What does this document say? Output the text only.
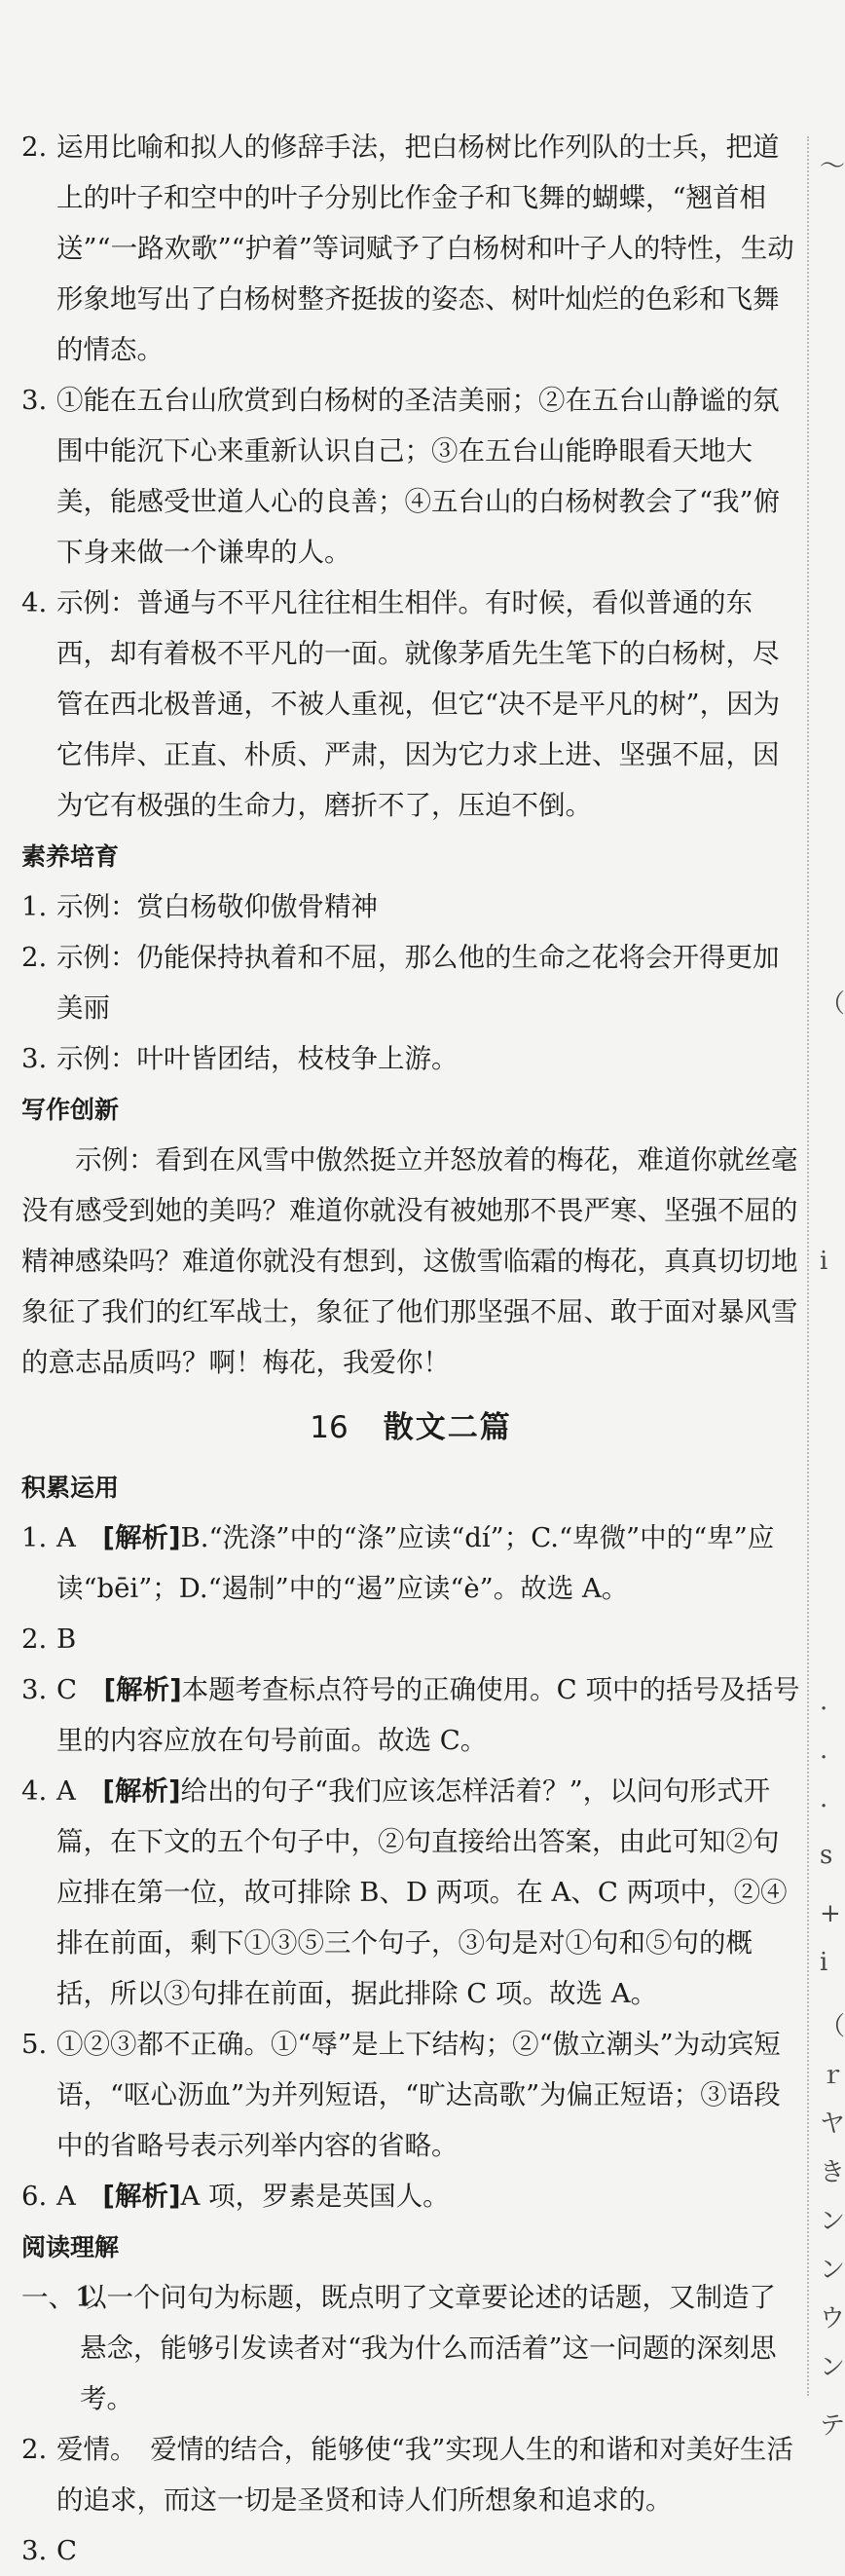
2. 运用比喻和拟人的修辞手法，把白杨树比作列队的士兵，把道上的叶子和空中的叶子分别比作金子和飞舞的蝴蝶，“翘首相送”“一路欢歌”“护着”等词赋予了白杨树和叶子人的特性，生动形象地写出了白杨树整齐挺拔的姿态、树叶灿烂的色彩和飞舞的情态。
3. ①能在五台山欣赏到白杨树的圣洁美丽；②在五台山静谧的氛围中能沉下心来重新认识自己；③在五台山能睁眼看天地大美，能感受世道人心的良善；④五台山的白杨树教会了“我”俯下身来做一个谦卑的人。
4. 示例：普通与不平凡往往相生相伴。有时候，看似普通的东西，却有着极不平凡的一面。就像茅盾先生笔下的白杨树，尽管在西北极普通，不被人重视，但它“决不是平凡的树”，因为它伟岸、正直、朴质、严肃，因为它力求上进、坚强不屈，因为它有极强的生命力，磨折不了，压迫不倒。
素养培育
1. 示例：赏白杨敬仰傲骨精神
2. 示例：仍能保持执着和不屈，那么他的生命之花将会开得更加美丽
3. 示例：叶叶皆团结，枝枝争上游。
写作创新
示例：看到在风雪中傲然挺立并怒放着的梅花，难道你就丝毫没有感受到她的美吗？难道你就没有被她那不畏严寒、坚强不屈的精神感染吗？难道你就没有想到，这傲雪临霜的梅花，真真切切地象征了我们的红军战士，象征了他们那坚强不屈、敢于面对暴风雪的意志品质吗？啊！梅花，我爱你！
16 散文二篇
积累运用
1. A　 [解析]B.“洗涤”中的“涤”应读“dí”；C.“卑微”中的“卑”应读“bēi”；D.“遏制”中的“遏”应读“è”。故选 A。
2. B
3. C　 [解析]本题考查标点符号的正确使用。C 项中的括号及括号里的内容应放在句号前面。故选 C。
4. A　 [解析]给出的句子“我们应该怎样活着？”，以问句形式开篇，在下文的五个句子中，②句直接给出答案，由此可知②句应排在第一位，故可排除 B、D 两项。在 A、C 两项中，②④排在前面，剩下①③⑤三个句子，③句是对①句和⑤句的概括，所以③句排在前面，据此排除 C 项。故选 A。
5. ①②③都不正确。①“辱”是上下结构；②“傲立潮头”为动宾短语，“呕心沥血”为并列短语，“旷达高歌”为偏正短语；③语段中的省略号表示列举内容的省略。
6. A　 [解析]A 项，罗素是英国人。
阅读理解
一、1.
以一个问句为标题，既点明了文章要论述的话题，又制造了悬念，能够引发读者对“我为什么而活着”这一问题的深刻思考。
2. 爱情。　爱情的结合，能够使“我”实现人生的和谐和对美好生活的追求，而这一切是圣贤和诗人们所想象和追求的。
3. C
～
（
i
·
·
·
s
+
i
（
ｒ
ヤ
き
ン
ン
ウ
ン
テ
